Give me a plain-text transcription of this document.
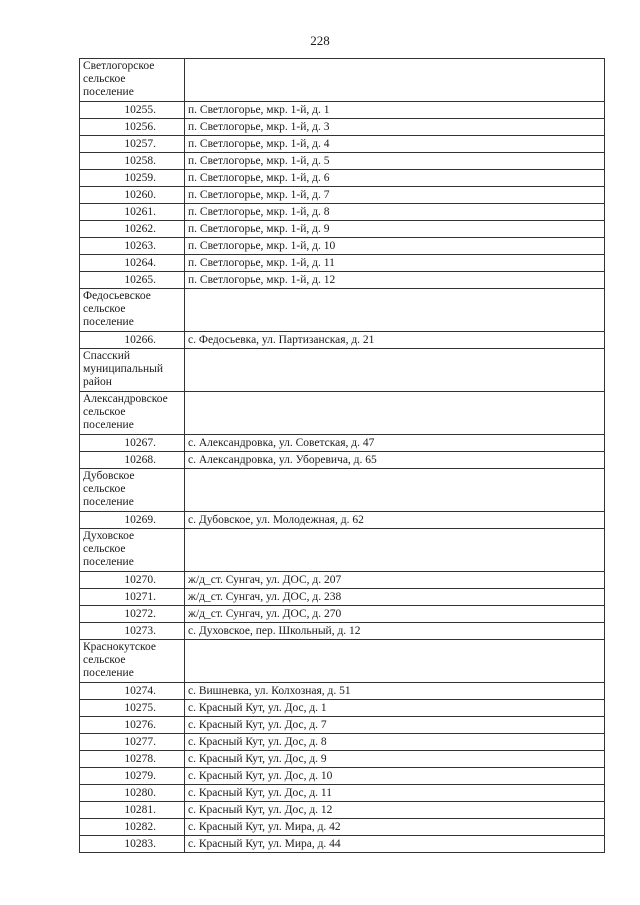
228
Светлогорское
сельское
поселение	
10255.	п. Светлогорье, мкр. 1-й, д. 1
10256.	п. Светлогорье, мкр. 1-й, д. 3
10257.	п. Светлогорье, мкр. 1-й, д. 4
10258.	п. Светлогорье, мкр. 1-й, д. 5
10259.	п. Светлогорье, мкр. 1-й, д. 6
10260.	п. Светлогорье, мкр. 1-й, д. 7
10261.	п. Светлогорье, мкр. 1-й, д. 8
10262.	п. Светлогорье, мкр. 1-й, д. 9
10263.	п. Светлогорье, мкр. 1-й, д. 10
10264.	п. Светлогорье, мкр. 1-й, д. 11
10265.	п. Светлогорье, мкр. 1-й, д. 12
Федосьевское
сельское
поселение	
10266.	с. Федосьевка, ул. Партизанская, д. 21
Спасский
муниципальный
район	
Александровское
сельское
поселение	
10267.	с. Александровка, ул. Советская, д. 47
10268.	с. Александровка, ул. Уборевича, д. 65
Дубовское
сельское
поселение	
10269.	с. Дубовское, ул. Молодежная, д. 62
Духовское
сельское
поселение	
10270.	ж/д_ст. Сунгач, ул. ДОС, д. 207
10271.	ж/д_ст. Сунгач, ул. ДОС, д. 238
10272.	ж/д_ст. Сунгач, ул. ДОС, д. 270
10273.	с. Духовское, пер. Школьный, д. 12
Краснокутское
сельское
поселение	
10274.	с. Вишневка, ул. Колхозная, д. 51
10275.	с. Красный Кут, ул. Дос, д. 1
10276.	с. Красный Кут, ул. Дос, д. 7
10277.	с. Красный Кут, ул. Дос, д. 8
10278.	с. Красный Кут, ул. Дос, д. 9
10279.	с. Красный Кут, ул. Дос, д. 10
10280.	с. Красный Кут, ул. Дос, д. 11
10281.	с. Красный Кут, ул. Дос, д. 12
10282.	с. Красный Кут, ул. Мира, д. 42
10283.	с. Красный Кут, ул. Мира, д. 44
